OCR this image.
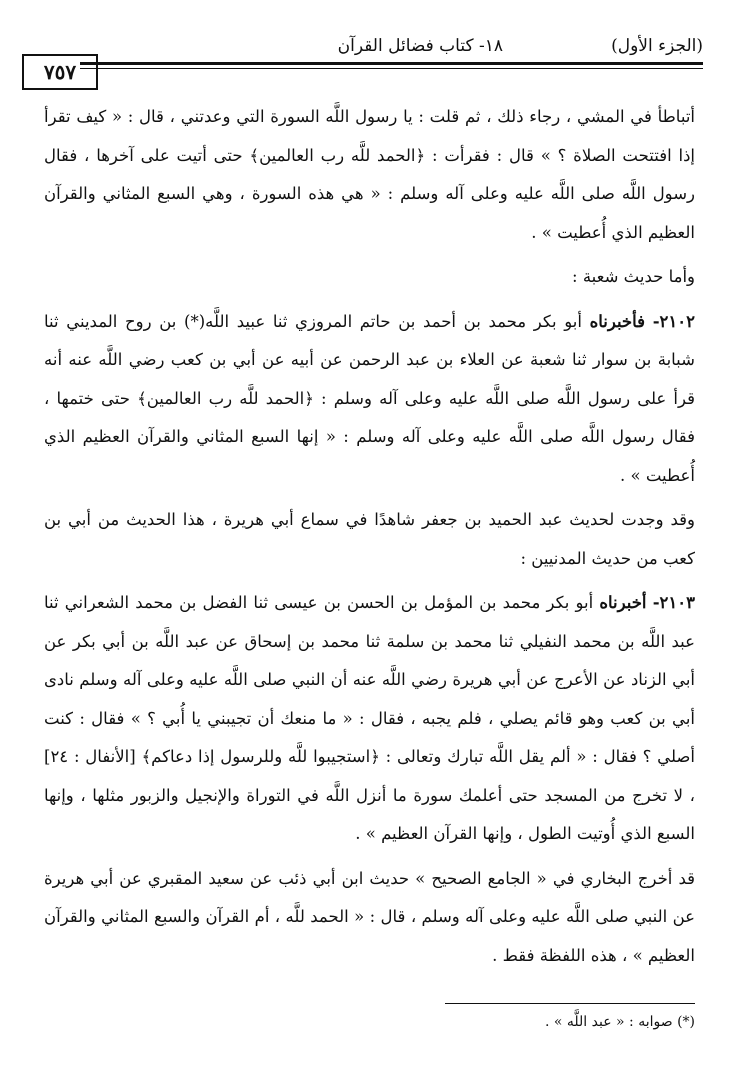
(الجزء الأول)
١٨- كتاب فضائل القرآن
٧٥٧

أتباطأ في المشي ، رجاء ذلك ، ثم قلت : يا رسول اللَّه السورة التي وعدتني ، قال : « كيف تقرأ إذا افتتحت الصلاة ؟ » قال : فقرأت : ﴿الحمد للَّه رب العالمين﴾ حتى أتيت على آخرها ، فقال رسول اللَّه صلى اللَّه عليه وعلى آله وسلم : « هي هذه السورة ، وهي السبع المثاني والقرآن العظيم الذي أُعطيت » .

وأما حديث شعبة :

٢١٠٢- فأخبرناه أبو بكر محمد بن أحمد بن حاتم المروزي ثنا عبيد اللَّه(*) بن روح المديني ثنا شبابة بن سوار ثنا شعبة عن العلاء بن عبد الرحمن عن أبيه عن أبي بن كعب رضي اللَّه عنه أنه قرأ على رسول اللَّه صلى اللَّه عليه وعلى آله وسلم : ﴿الحمد للَّه رب العالمين﴾ حتى ختمها ، فقال رسول اللَّه صلى اللَّه عليه وعلى آله وسلم : « إنها السبع المثاني والقرآن العظيم الذي أُعطيت » .

وقد وجدت لحديث عبد الحميد بن جعفر شاهدًا في سماع أبي هريرة ، هذا الحديث من أبي بن كعب من حديث المدنيين :

٢١٠٣- أخبرناه أبو بكر محمد بن المؤمل بن الحسن بن عيسى ثنا الفضل بن محمد الشعراني ثنا عبد اللَّه بن محمد النفيلي ثنا محمد بن سلمة ثنا محمد بن إسحاق عن عبد اللَّه بن أبي بكر عن أبي الزناد عن الأعرج عن أبي هريرة رضي اللَّه عنه أن النبي صلى اللَّه عليه وعلى آله وسلم نادى أبي بن كعب وهو قائم يصلي ، فلم يجبه ، فقال : « ما منعك أن تجيبني يا أُبي ؟ » فقال : كنت أصلي ؟ فقال : « ألم يقل اللَّه تبارك وتعالى : ﴿استجيبوا للَّه وللرسول إذا دعاكم﴾ [الأنفال : ٢٤] ، لا تخرج من المسجد حتى أعلمك سورة ما أنزل اللَّه في التوراة والإنجيل والزبور مثلها ، وإنها السبع الذي أُوتيت الطول ، وإنها القرآن العظيم » .

قد أخرج البخاري في « الجامع الصحيح » حديث ابن أبي ذئب عن سعيد المقبري عن أبي هريرة عن النبي صلى اللَّه عليه وعلى آله وسلم ، قال : « الحمد للَّه ، أم القرآن والسبع المثاني والقرآن العظيم » ، هذه اللفظة فقط .

(*) صوابه : « عبد اللَّه » .
